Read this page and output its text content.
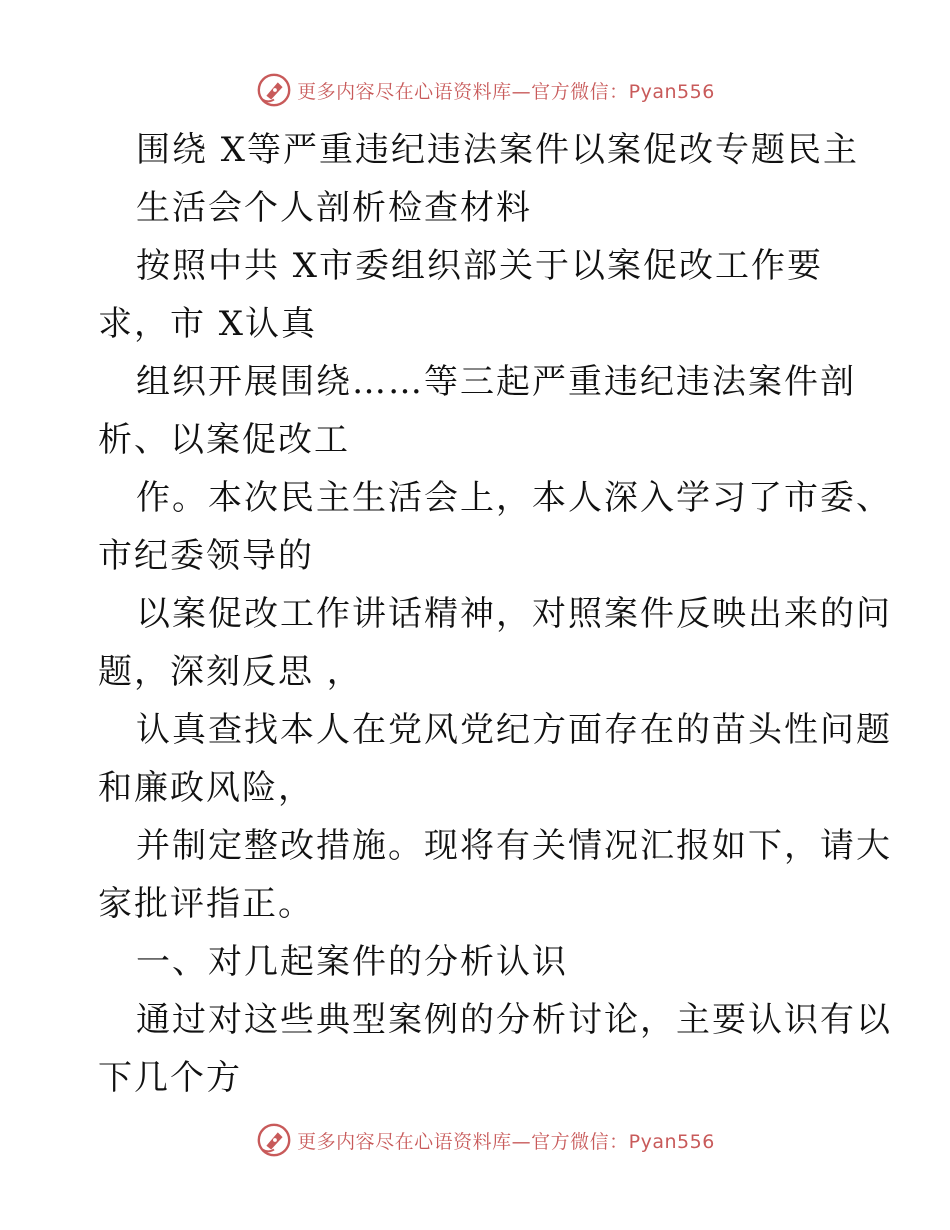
更多内容尽在心语资料库—官方微信：Pyan556
围绕 X等严重违纪违法案件以案促改专题民主
生活会个人剖析检查材料
按照中共 X市委组织部关于以案促改工作要
求，市 X认真
组织开展围绕……等三起严重违纪违法案件剖
析、以案促改工
作。本次民主生活会上，本人深入学习了市委、
市纪委领导的
以案促改工作讲话精神，对照案件反映出来的问
题，深刻反思 ，
认真查找本人在党风党纪方面存在的苗头性问题
和廉政风险，
并制定整改措施。现将有关情况汇报如下，请大
家批评指正。
一、对几起案件的分析认识
通过对这些典型案例的分析讨论，主要认识有以
下几个方
更多内容尽在心语资料库—官方微信：Pyan556
